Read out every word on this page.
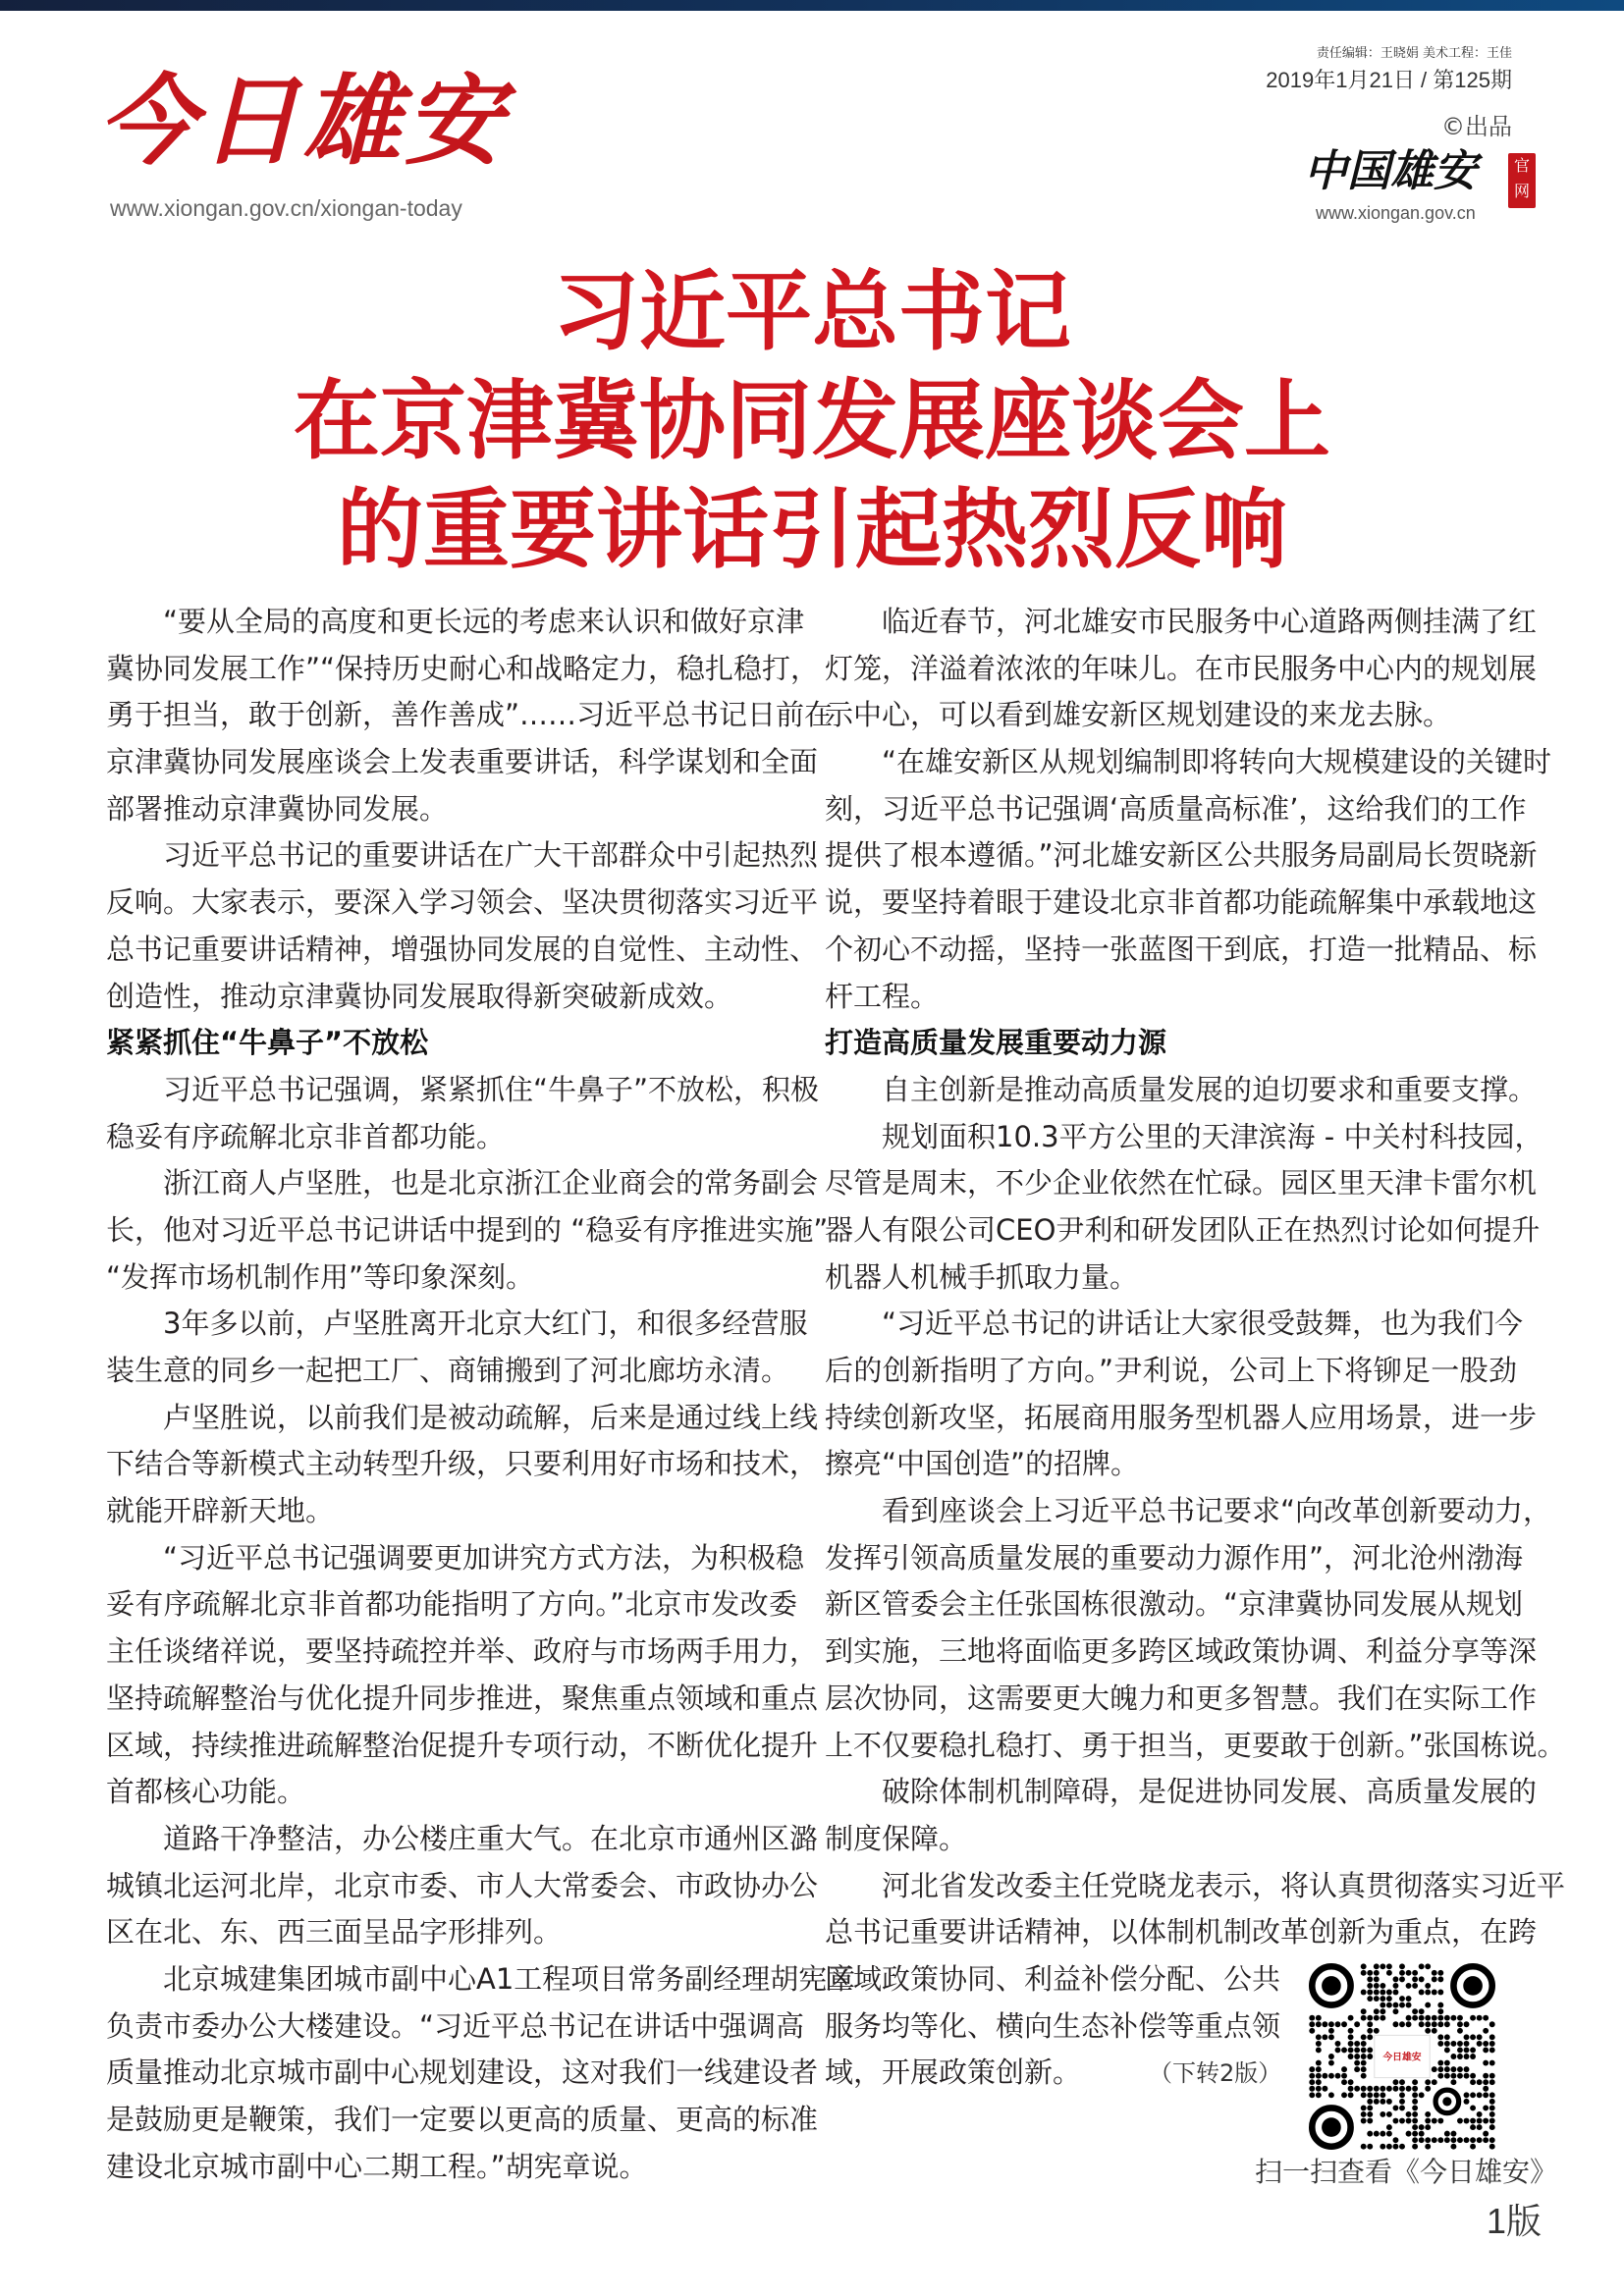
今日雄安
www.xiongan.gov.cn/xiongan-today
责任编辑：王晓娟 美术工程：王佳
2019年1月21日 / 第125期
©出品
中国雄安	官
网
www.xiongan.gov.cn
习近平总书记
在京津冀协同发展座谈会上
的重要讲话引起热烈反响
“要从全局的高度和更长远的考虑来认识和做好京津
冀协同发展工作”“保持历史耐心和战略定力，稳扎稳打，
勇于担当，敢于创新，善作善成”……习近平总书记日前在
京津冀协同发展座谈会上发表重要讲话，科学谋划和全面
部署推动京津冀协同发展。
习近平总书记的重要讲话在广大干部群众中引起热烈
反响。大家表示，要深入学习领会、坚决贯彻落实习近平
总书记重要讲话精神，增强协同发展的自觉性、主动性、
创造性，推动京津冀协同发展取得新突破新成效。
紧紧抓住“牛鼻子”不放松
习近平总书记强调，紧紧抓住“牛鼻子”不放松，积极
稳妥有序疏解北京非首都功能。
浙江商人卢坚胜，也是北京浙江企业商会的常务副会
长，他对习近平总书记讲话中提到的 “稳妥有序推进实施”
“发挥市场机制作用”等印象深刻。
3年多以前，卢坚胜离开北京大红门，和很多经营服
装生意的同乡一起把工厂、商铺搬到了河北廊坊永清。
卢坚胜说，以前我们是被动疏解，后来是通过线上线
下结合等新模式主动转型升级，只要利用好市场和技术，
就能开辟新天地。
“习近平总书记强调要更加讲究方式方法，为积极稳
妥有序疏解北京非首都功能指明了方向。”北京市发改委
主任谈绪祥说，要坚持疏控并举、政府与市场两手用力，
坚持疏解整治与优化提升同步推进，聚焦重点领域和重点
区域，持续推进疏解整治促提升专项行动，不断优化提升
首都核心功能。
道路干净整洁，办公楼庄重大气。在北京市通州区潞
城镇北运河北岸，北京市委、市人大常委会、市政协办公
区在北、东、西三面呈品字形排列。
北京城建集团城市副中心A1工程项目常务副经理胡宪章
负责市委办公大楼建设。“习近平总书记在讲话中强调高
质量推动北京城市副中心规划建设，这对我们一线建设者
是鼓励更是鞭策，我们一定要以更高的质量、更高的标准
建设北京城市副中心二期工程。”胡宪章说。
临近春节，河北雄安市民服务中心道路两侧挂满了红
灯笼，洋溢着浓浓的年味儿。在市民服务中心内的规划展
示中心，可以看到雄安新区规划建设的来龙去脉。
“在雄安新区从规划编制即将转向大规模建设的关键时
刻，习近平总书记强调‘高质量高标准’，这给我们的工作
提供了根本遵循。”河北雄安新区公共服务局副局长贺晓新
说，要坚持着眼于建设北京非首都功能疏解集中承载地这
个初心不动摇，坚持一张蓝图干到底，打造一批精品、标
杆工程。
打造高质量发展重要动力源
自主创新是推动高质量发展的迫切要求和重要支撑。
规划面积10.3平方公里的天津滨海 - 中关村科技园，
尽管是周末，不少企业依然在忙碌。园区里天津卡雷尔机
器人有限公司CEO尹利和研发团队正在热烈讨论如何提升
机器人机械手抓取力量。
“习近平总书记的讲话让大家很受鼓舞，也为我们今
后的创新指明了方向。”尹利说，公司上下将铆足一股劲
持续创新攻坚，拓展商用服务型机器人应用场景，进一步
擦亮“中国创造”的招牌。
看到座谈会上习近平总书记要求“向改革创新要动力，
发挥引领高质量发展的重要动力源作用”，河北沧州渤海
新区管委会主任张国栋很激动。“京津冀协同发展从规划
到实施，三地将面临更多跨区域政策协调、利益分享等深
层次协同，这需要更大魄力和更多智慧。我们在实际工作
上不仅要稳扎稳打、勇于担当，更要敢于创新。”张国栋说。
破除体制机制障碍，是促进协同发展、高质量发展的
制度保障。
河北省发改委主任党晓龙表示，将认真贯彻落实习近平
总书记重要讲话精神，以体制机制改革创新为重点，在跨
区域政策协同、利益补偿分配、公共
服务均等化、横向生态补偿等重点领
域，开展政策创新。	（下转2版）
今日雄安
扫一扫查看《今日雄安》
1版
